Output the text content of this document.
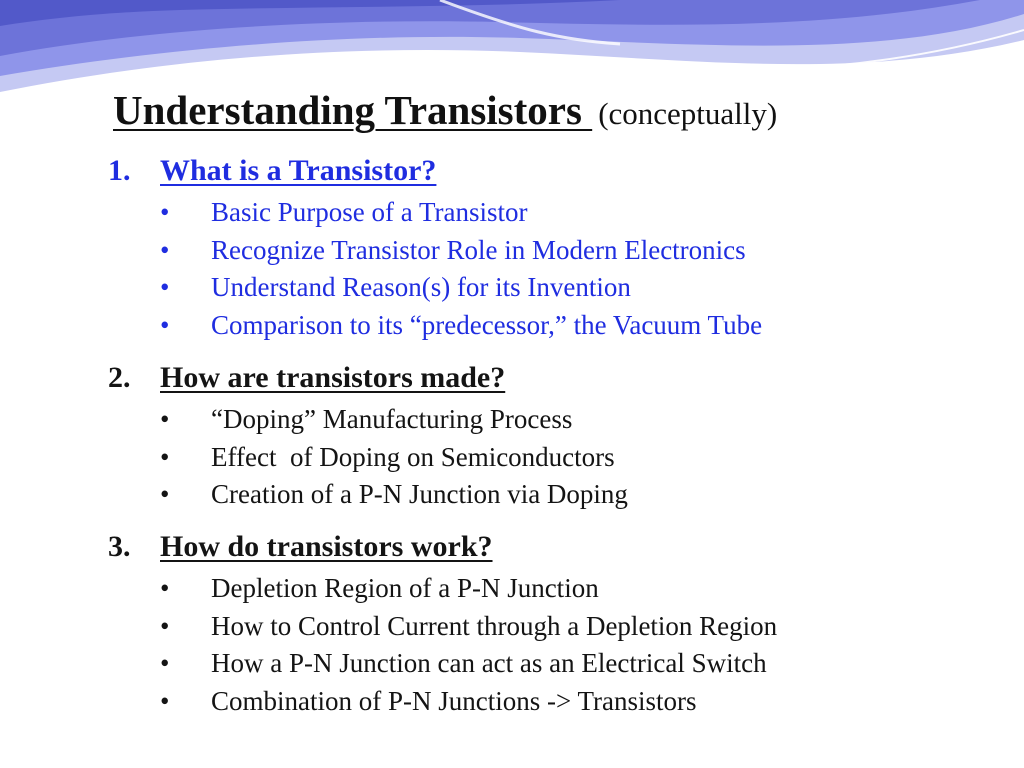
Understanding Transistors (conceptually)
1. What is a Transistor?
• Basic Purpose of a Transistor
• Recognize Transistor Role in Modern Electronics
• Understand Reason(s) for its Invention
• Comparison to its “predecessor,” the Vacuum Tube
2. How are transistors made?
• “Doping” Manufacturing Process
• Effect  of Doping on Semiconductors
• Creation of a P-N Junction via Doping
3. How do transistors work?
• Depletion Region of a P-N Junction
• How to Control Current through a Depletion Region
• How a P-N Junction can act as an Electrical Switch
• Combination of P-N Junctions -> Transistors
